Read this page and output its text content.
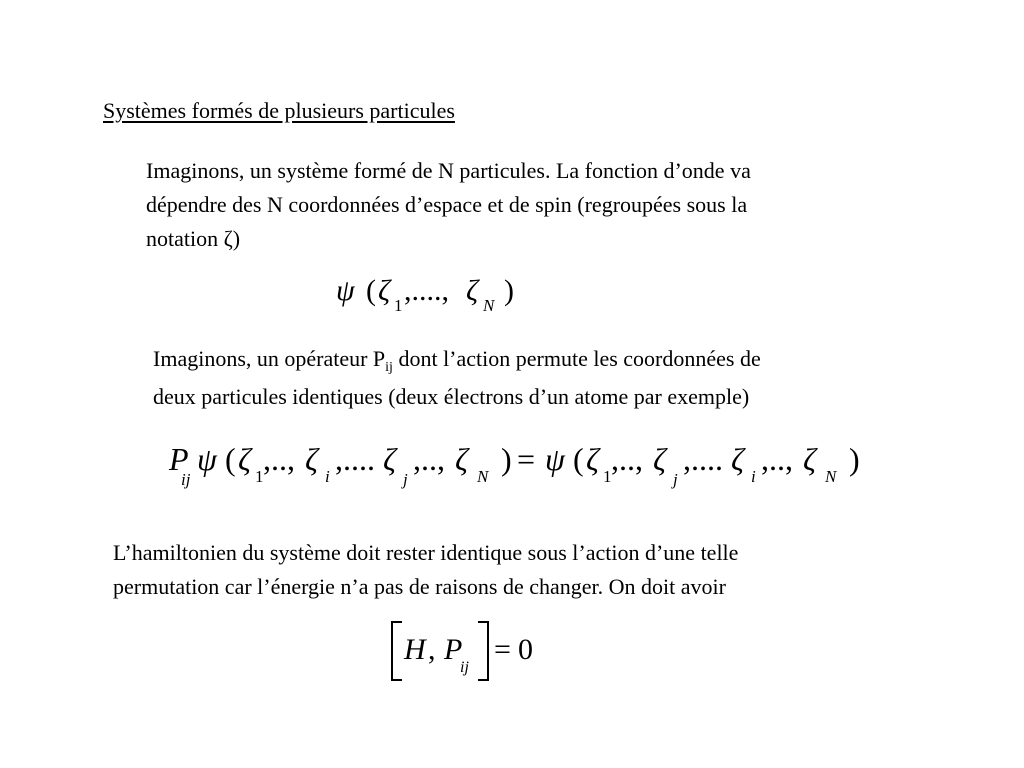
Systèmes formés de plusieurs particules
Imaginons, un système formé de N particules. La fonction d’onde va
dépendre des N coordonnées d’espace et de spin (regroupées sous la
notation ζ)
ψ ( ζ 1 ,...., ζ N )
Imaginons, un opérateur $P_{ij}$ dont l’action permute les coordonnées de
deux particules identiques (deux électrons d’un atome par exemple)
P
ij
ψ ( ζ 1 ,.., ζ i ,.... ζ
j
,.., ζ N ) = ψ ( ζ 1 ,.., ζ
j
,.... ζ i ,.., ζ N )
L’hamiltonien du système doit rester identique sous l’action d’une telle
permutation car l’énergie n’a pas de raisons de changer. On doit avoir
H , P
ij
= 0
